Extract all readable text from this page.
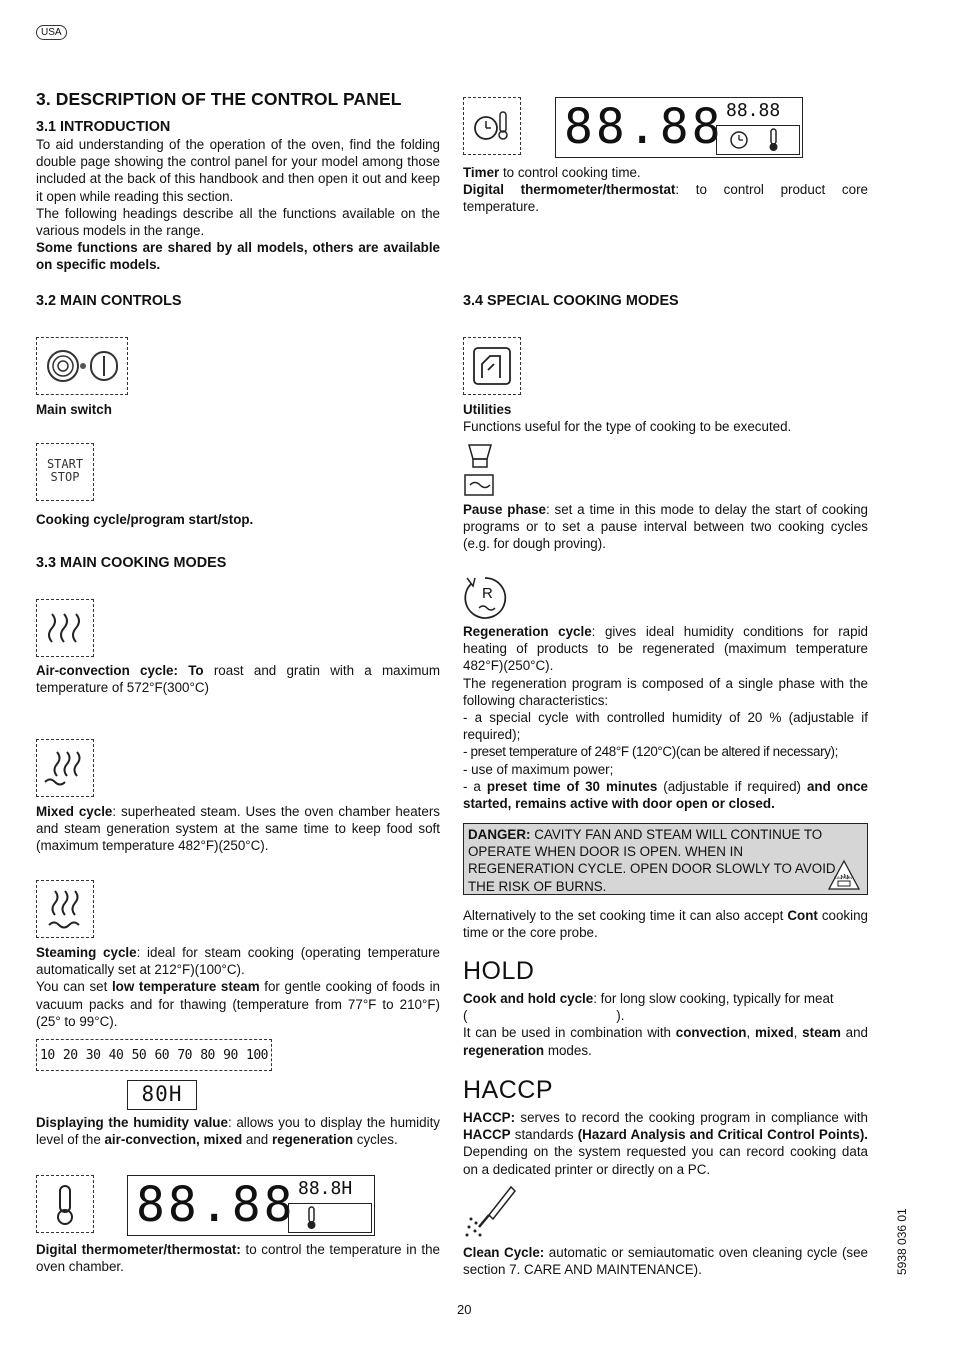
USA
3. DESCRIPTION OF THE CONTROL PANEL
3.1 INTRODUCTION
To aid understanding of the operation of the oven, find the folding double page showing the control panel for your model among those included at the back of this handbook and then open it out and keep it open while reading this section.
The following headings describe all the functions available on the various models in the range.
Some functions are shared by all models, others are available on specific models.
3.2 MAIN CONTROLS
Main switch
START
STOP
Cooking cycle/program start/stop.
3.3 MAIN COOKING MODES
Air-convection cycle: To roast and gratin with a maximum temperature of 572°F(300°C)
Mixed cycle: superheated steam. Uses the oven chamber heaters and steam generation system at the same time to keep food soft (maximum temperature 482°F)(250°C).
Steaming cycle: ideal for steam cooking (operating temperature automatically set at 212°F)(100°C).
You can set low temperature steam for gentle cooking of foods in vacuum packs and for thawing (temperature from 77°F to 210°F)(25° to 99°C).
10 20 30 40 50 60 70 80 90 100
80H
Displaying the humidity value: allows you to display the humidity level of the air-convection, mixed and regeneration cycles.
88.88 88.8H
Digital thermometer/thermostat: to control the temperature in the oven chamber.
88.88 88.88
Timer to control cooking time.
Digital thermometer/thermostat: to control product core temperature.
3.4 SPECIAL COOKING MODES
Utilities
Functions useful for the type of cooking to be executed.
Pause phase: set a time in this mode to delay the start of cooking programs or to set a pause interval between two cooking cycles (e.g. for dough proving).
R
Regeneration cycle: gives ideal humidity conditions for rapid heating of products to be regenerated (maximum temperature 482°F)(250°C).
The regeneration program is composed of a single phase with the following characteristics:
- a special cycle with controlled humidity of 20 % (adjustable if required);
- preset temperature of 248°F (120°C)(can be altered if necessary);
- use of maximum power;
- a preset time of 30 minutes (adjustable if required) and once started, remains active with door open or closed.
DANGER: CAVITY FAN AND STEAM WILL CONTINUE TO OPERATE WHEN DOOR IS OPEN. WHEN IN REGENERATION CYCLE. OPEN DOOR SLOWLY TO AVOID THE RISK OF BURNS.
CAUTION
Alternatively to the set cooking time it can also accept Cont cooking time or the core probe.
HOLD
Cook and hold cycle: for long slow cooking, typically for meat
(                                        ).
It can be used in combination with convection, mixed, steam and regeneration modes.
HACCP
HACCP: serves to record the cooking program in compliance with HACCP standards (Hazard Analysis and Critical Control Points). Depending on the system requested you can record cooking data on a dedicated printer or directly on a PC.
Clean Cycle: automatic or semiautomatic oven cleaning cycle (see section 7. CARE AND MAINTENANCE).
20
5938 036 01
